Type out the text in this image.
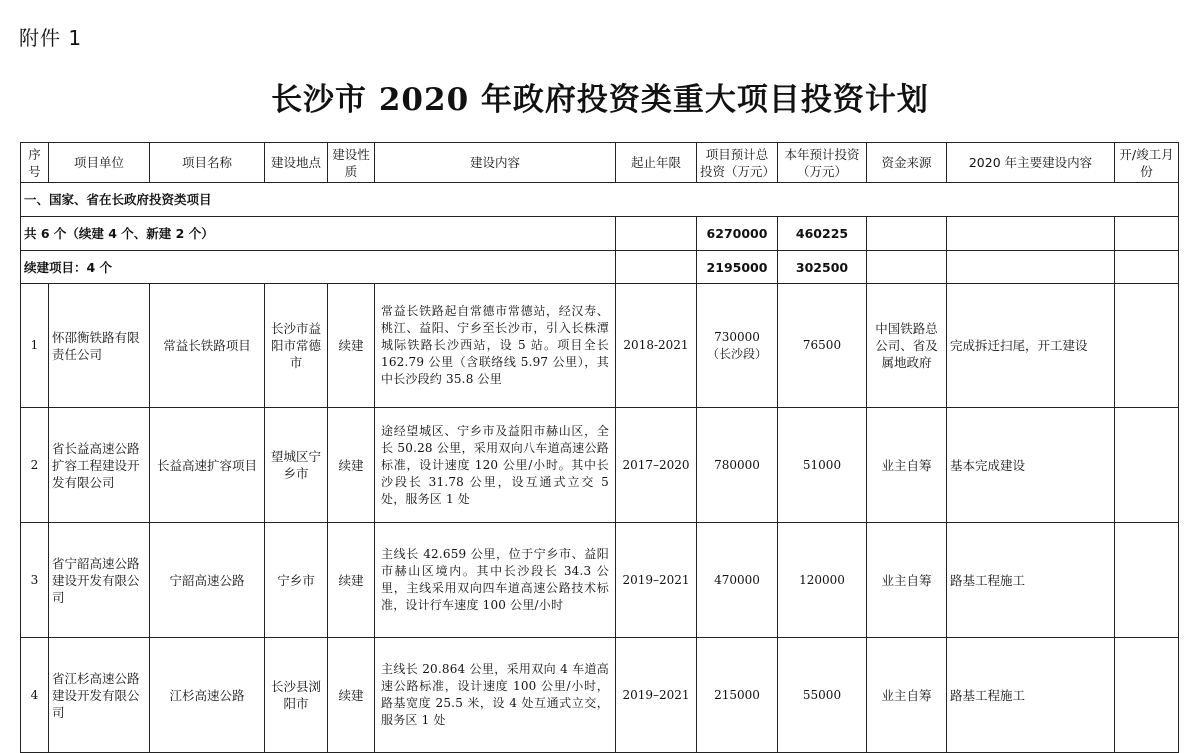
附件 1
长沙市 2020 年政府投资类重大项目投资计划
序号	项目单位	项目名称	建设地点	建设性质	建设内容	起止年限	项目预计总投资（万元）	本年预计投资（万元）	资金来源	2020 年主要建设内容	开/竣工月份
一、国家、省在长政府投资类项目											
共 6 个（续建 4 个、新建 2 个）							6270000	460225			
续建项目：4 个							2195000	302500			
1	怀邵衡铁路有限责任公司	常益长铁路项目	长沙市益阳市常德市	续建	常益长铁路起自常德市常德站，经汉寿、桃江、益阳、宁乡至长沙市，引入长株潭城际铁路长沙西站，设 5 站。项目全长 162.79 公里（含联络线 5.97 公里），其中长沙段约 35.8 公里	2018-2021	730000
（长沙段）	76500	中国铁路总公司、省及属地政府	完成拆迁扫尾，开工建设	
2	省长益高速公路扩容工程建设开发有限公司	长益高速扩容项目	望城区宁乡市	续建	途经望城区、宁乡市及益阳市赫山区，全长 50.28 公里，采用双向八车道高速公路标准，设计速度 120 公里/小时。其中长沙段长 31.78 公里，设互通式立交 5 处，服务区 1 处	2017–2020	780000	51000	业主自筹	基本完成建设	
3	省宁韶高速公路建设开发有限公司	宁韶高速公路	宁乡市	续建	主线长 42.659 公里，位于宁乡市、益阳市赫山区境内。其中长沙段长 34.3 公里，主线采用双向四车道高速公路技术标准，设计行车速度 100 公里/小时	2019–2021	470000	120000	业主自筹	路基工程施工	
4	省江杉高速公路建设开发有限公司	江杉高速公路	长沙县浏阳市	续建	主线长 20.864 公里，采用双向 4 车道高速公路标准，设计速度 100 公里/小时，路基宽度 25.5 米，设 4 处互通式立交，服务区 1 处	2019–2021	215000	55000	业主自筹	路基工程施工	
